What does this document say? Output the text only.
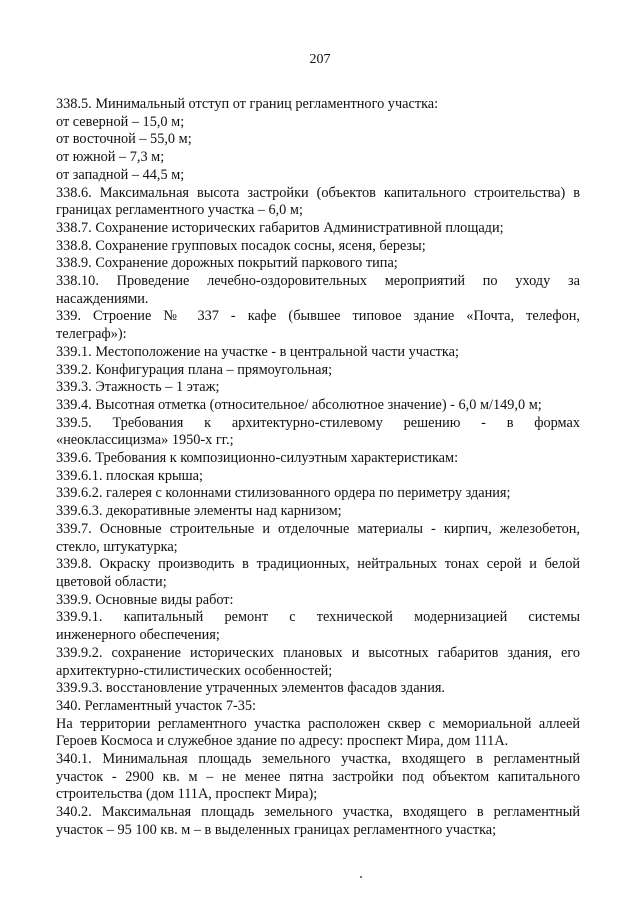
207
338.5. Минимальный отступ от границ регламентного участка:
от северной – 15,0 м;
от восточной – 55,0 м;
от южной – 7,3 м;
от западной – 44,5 м;
338.6. Максимальная высота застройки (объектов капитального строительства) в
границах регламентного участка – 6,0 м;
338.7. Сохранение исторических габаритов Административной площади;
338.8. Сохранение групповых посадок сосны, ясеня, березы;
338.9. Сохранение дорожных покрытий паркового типа;
338.10. Проведение лечебно-оздоровительных мероприятий по уходу за
насаждениями.
339. Строение № 337 - кафе (бывшее типовое здание «Почта, телефон,
телеграф»):
339.1. Местоположение на участке - в центральной части участка;
339.2. Конфигурация плана – прямоугольная;
339.3. Этажность – 1 этаж;
339.4. Высотная отметка (относительное/ абсолютное значение) - 6,0 м/149,0 м;
339.5. Требования к архитектурно-стилевому решению - в формах
«неоклассицизма» 1950-х гг.;
339.6. Требования к композиционно-силуэтным характеристикам:
339.6.1. плоская крыша;
339.6.2. галерея с колоннами стилизованного ордера по периметру здания;
339.6.3. декоративные элементы над карнизом;
339.7. Основные строительные и отделочные материалы - кирпич, железобетон,
стекло, штукатурка;
339.8. Окраску производить в традиционных, нейтральных тонах серой и белой
цветовой области;
339.9. Основные виды работ:
339.9.1. капитальный ремонт с технической модернизацией системы
инженерного обеспечения;
339.9.2. сохранение исторических плановых и высотных габаритов здания, его
архитектурно-стилистических особенностей;
339.9.3. восстановление утраченных элементов фасадов здания.
340. Регламентный участок 7-35:
На территории регламентного участка расположен сквер с мемориальной аллеей
Героев Космоса и служебное здание по адресу: проспект Мира, дом 111А.
340.1. Минимальная площадь земельного участка, входящего в регламентный
участок - 2900 кв. м – не менее пятна застройки под объектом капитального
строительства (дом 111А, проспект Мира);
340.2. Максимальная площадь земельного участка, входящего в регламентный
участок – 95 100 кв. м – в выделенных границах регламентного участка;
